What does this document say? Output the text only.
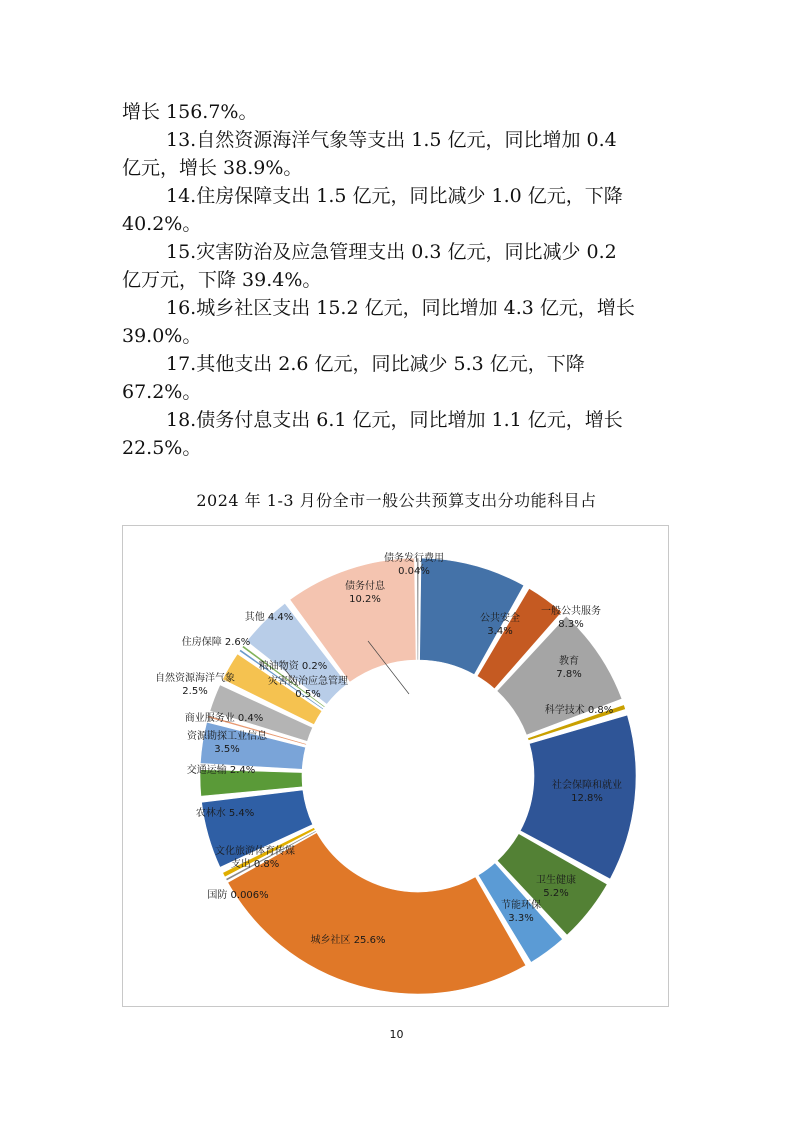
增长 156.7%。
13.自然资源海洋气象等支出 1.5 亿元，同比增加 0.4
亿元，增长 38.9%。
14.住房保障支出 1.5 亿元，同比减少 1.0 亿元，下降
40.2%。
15.灾害防治及应急管理支出 0.3 亿元，同比减少 0.2
亿万元，下降 39.4%。
16.城乡社区支出 15.2 亿元，同比增加 4.3 亿元，增长
39.0%。
17.其他支出 2.6 亿元，同比减少 5.3 亿元，下降
67.2%。
18.债务付息支出 6.1 亿元，同比增加 1.1 亿元，增长
22.5%。
2024 年 1-3 月份全市一般公共预算支出分功能科目占
一般公共服务 8.3%
公共安全 3.4%
教育 7.8%
科学技术 0.8%
社会保障和就业 12.8%
卫生健康 5.2%
节能环保 3.3%
城乡社区 25.6%
国防 0.006%
文化旅游体育传媒支出 0.8%
农林水 5.4%
交通运输 2.4%
资源勘探工业信息 3.5%
商业服务业 0.4%
自然资源海洋气象 2.5%
住房保障 2.6%
粮油物资 0.2%
灾害防治应急管理 0.5%
其他 4.4%
债务付息 10.2%
债务发行费用 0.04%
10
